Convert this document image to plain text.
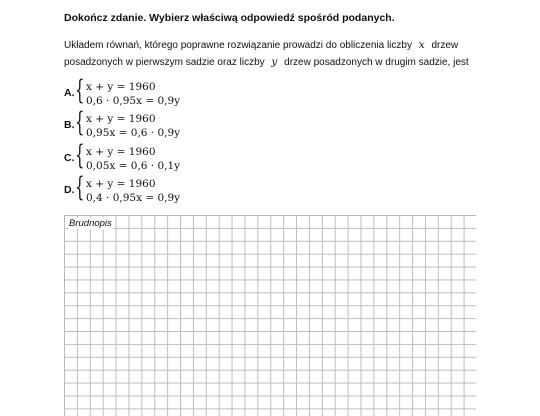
Dokończ zdanie. Wybierz właściwą odpowiedź spośród podanych.
Układem równań, którego poprawne rozwiązanie prowadzi do obliczenia liczby x drzew
posadzonych w pierwszym sadzie oraz liczby y drzew posadzonych w drugim sadzie, jest
A. { x + y = 1960
0,6 · 0,95x = 0,9y
B. { x + y = 1960
0,95x = 0,6 · 0,9y
C. { x + y = 1960
0,05x = 0,6 · 0,1y
D. { x + y = 1960
0,4 · 0,95x = 0,9y
Brudnopis
